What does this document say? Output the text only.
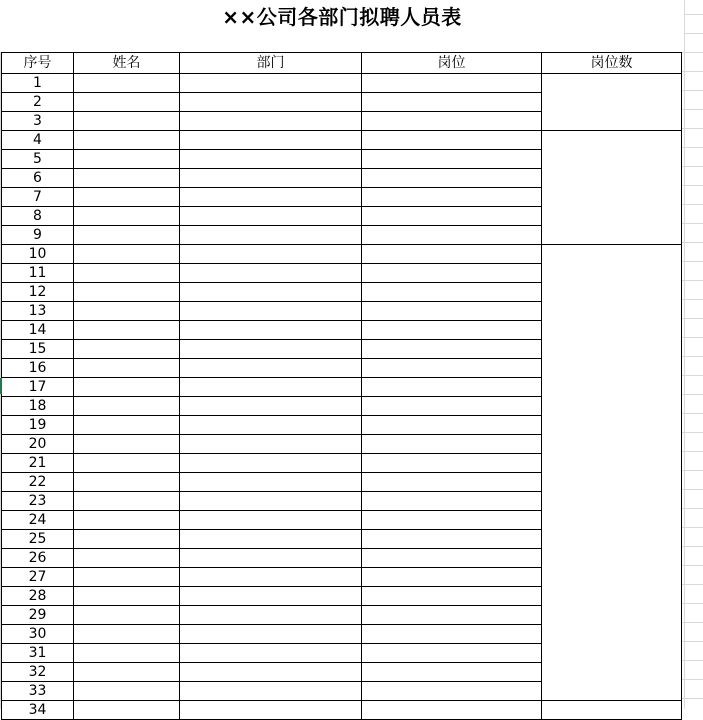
××公司各部门拟聘人员表
序号	姓名	部门	岗位	岗位数
1				
2				
3				
4				
5				
6				
7				
8				
9				
10				
11				
12				
13				
14				
15				
16				
17				
18				
19				
20				
21				
22				
23				
24				
25				
26				
27				
28				
29				
30				
31				
32				
33				
34				
